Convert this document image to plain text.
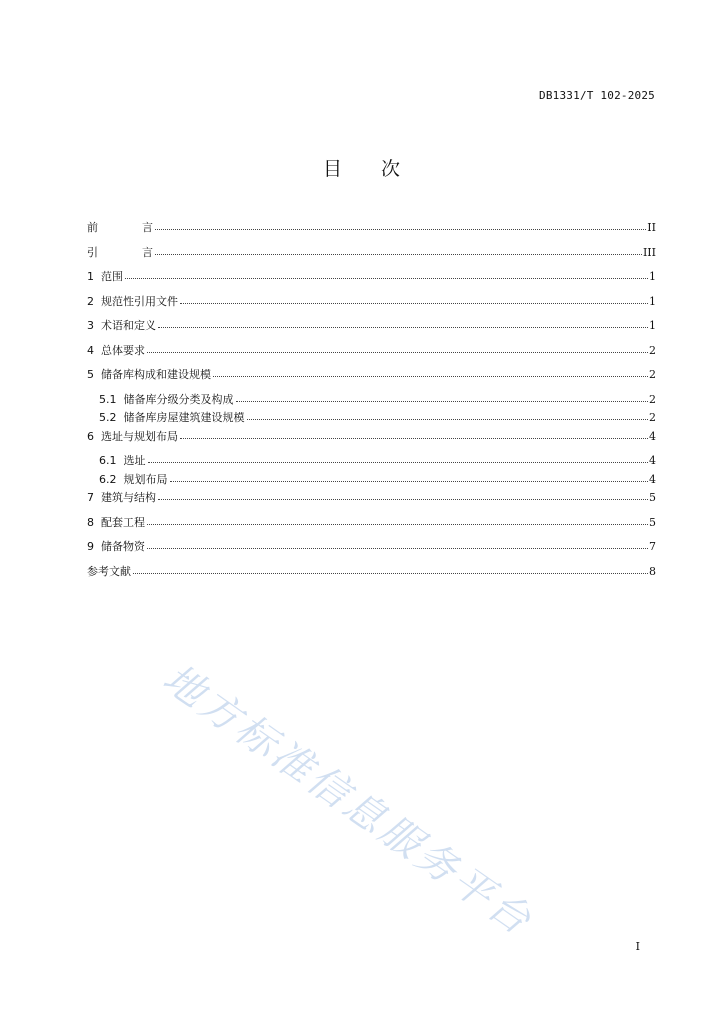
DB1331/T 102-2025
目 次
前	言	II
引	言	III
1  范围	1
2  规范性引用文件	1
3  术语和定义	1
4  总体要求	2
5  储备库构成和建设规模	2
5.1  储备库分级分类及构成	2
5.2  储备库房屋建筑建设规模	2
6  选址与规划布局	4
6.1  选址	4
6.2  规划布局	4
7  建筑与结构	5
8  配套工程	5
9  储备物资	7
参考文献	8
地方标准信息服务平台
I
